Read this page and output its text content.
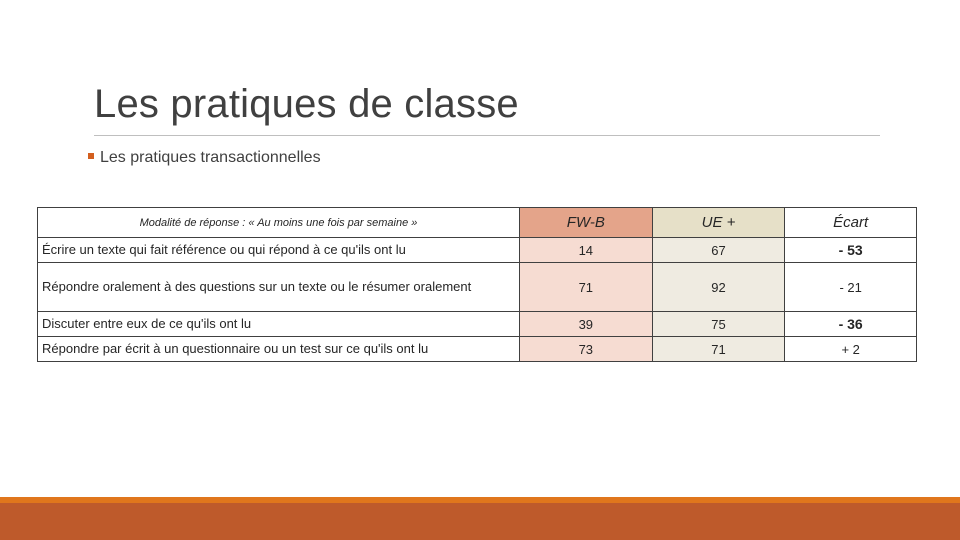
Les pratiques de classe
Les pratiques transactionnelles
Modalité de réponse : « Au moins une fois par semaine »	FW-B	UE +	Écart
Écrire un texte qui fait référence ou qui répond à ce qu'ils ont lu	14	67	- 53
Répondre oralement à des questions sur un texte ou le résumer oralement	71	92	- 21
Discuter entre eux de ce qu'ils ont lu	39	75	- 36
Répondre par écrit à un questionnaire ou un test sur ce qu'ils ont lu	73	71	+ 2
